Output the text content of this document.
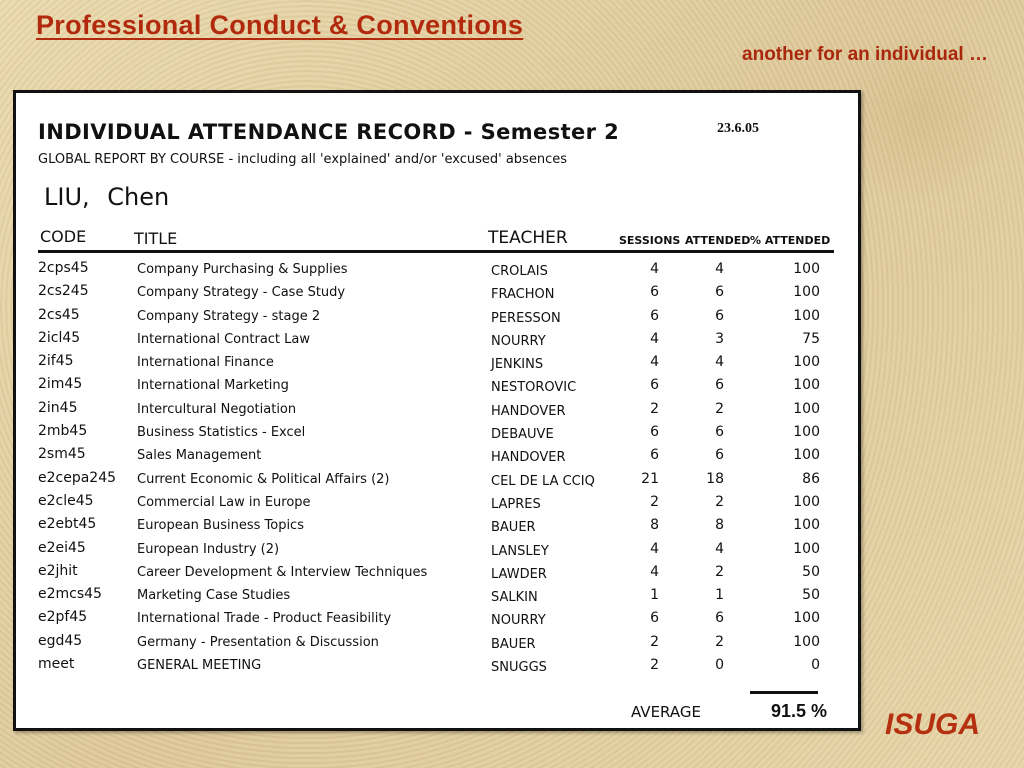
Professional Conduct & Conventions
another for an individual …
INDIVIDUAL ATTENDANCE RECORD - Semester 2	23.6.05
GLOBAL REPORT BY COURSE - including all 'explained' and/or 'excused' absences
LIU, Chen
CODE	TITLE	TEACHER	SESSIONS ATTENDED % ATTENDED
2cps45	Company Purchasing & Supplies	CROLAIS	4	4	100
2cs245	Company Strategy - Case Study	FRACHON	6	6	100
2cs45	Company Strategy - stage 2	PERESSON	6	6	100
2icl45	International Contract Law	NOURRY	4	3	75
2if45	International Finance	JENKINS	4	4	100
2im45	International Marketing	NESTOROVIC	6	6	100
2in45	Intercultural Negotiation	HANDOVER	2	2	100
2mb45	Business Statistics - Excel	DEBAUVE	6	6	100
2sm45	Sales Management	HANDOVER	6	6	100
e2cepa245 Current Economic & Political Affairs (2)	CEL DE LA CCIQ	21	18	86
e2cle45	Commercial Law in Europe	LAPRES	2	2	100
e2ebt45	European Business Topics	BAUER	8	8	100
e2ei45	European Industry (2)	LANSLEY	4	4	100
e2jhit	Career Development & Interview Techniques	LAWDER	4	2	50
e2mcs45	Marketing Case Studies	SALKIN	1	1	50
e2pf45	International Trade - Product Feasibility	NOURRY	6	6	100
egd45	Germany - Presentation & Discussion	BAUER	2	2	100
meet	GENERAL MEETING	SNUGGS	2	0	0
AVERAGE	91.5 % ISUGA
